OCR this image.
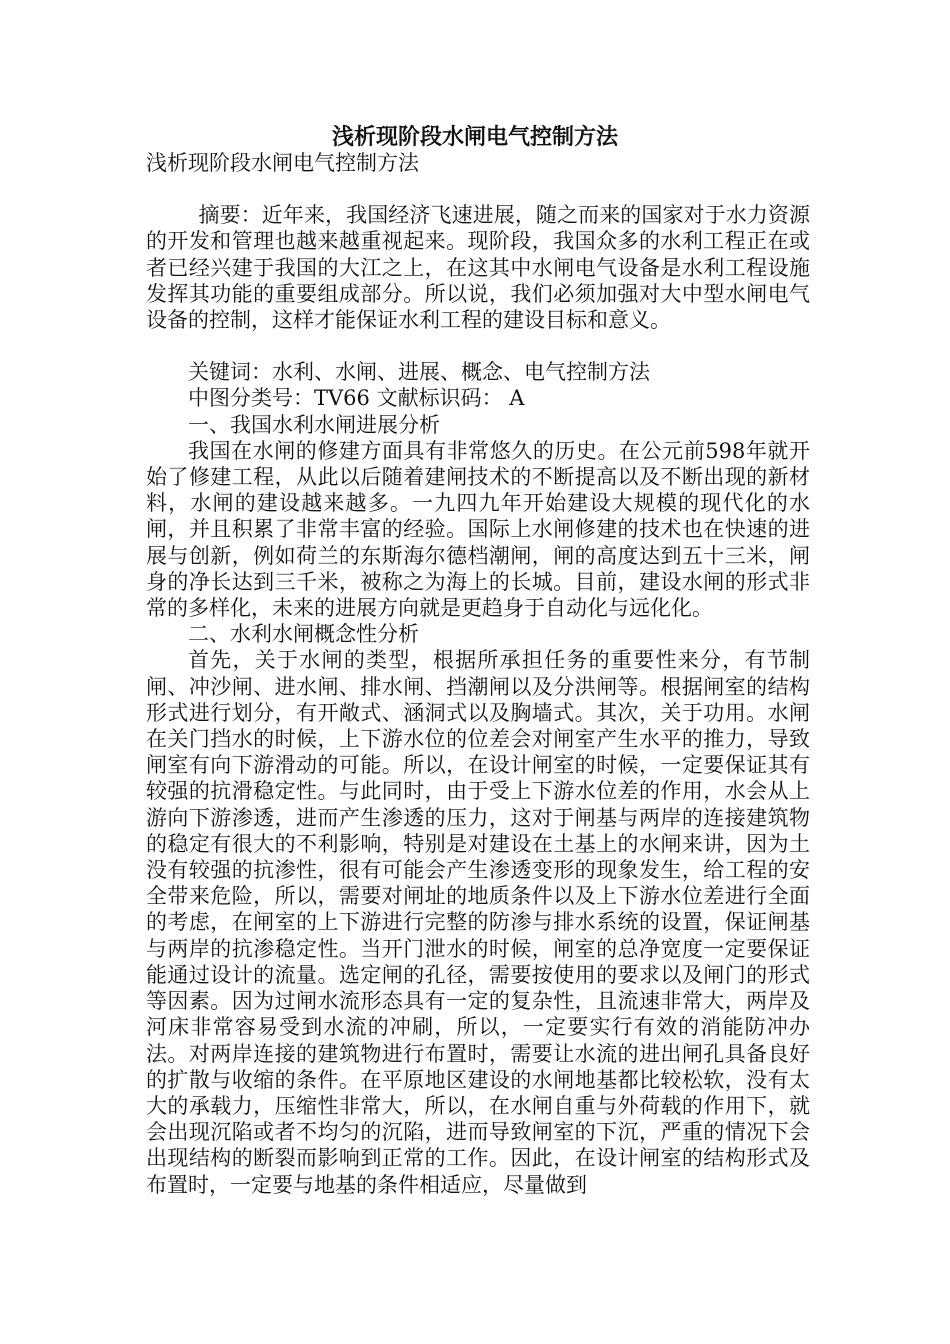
浅析现阶段水闸电气控制方法

浅析现阶段水闸电气控制方法

摘要：近年来，我国经济飞速进展，随之而来的国家对于水力资源的开发和管理也越来越重视起来。现阶段，我国众多的水利工程正在或者已经兴建于我国的大江之上，在这其中水闸电气设备是水利工程设施发挥其功能的重要组成部分。所以说，我们必须加强对大中型水闸电气设备的控制，这样才能保证水利工程的建设目标和意义。

关键词：水利、水闸、进展、概念、电气控制方法

中图分类号：TV66 文献标识码： A

一、我国水利水闸进展分析

我国在水闸的修建方面具有非常悠久的历史。在公元前598年就开始了修建工程，从此以后随着建闸技术的不断提高以及不断出现的新材料，水闸的建设越来越多。一九四九年开始建设大规模的现代化的水闸，并且积累了非常丰富的经验。国际上水闸修建的技术也在快速的进展与创新，例如荷兰的东斯海尔德档潮闸，闸的高度达到五十三米，闸身的净长达到三千米，被称之为海上的长城。目前，建设水闸的形式非常的多样化，未来的进展方向就是更趋身于自动化与远化化。

二、水利水闸概念性分析

首先，关于水闸的类型，根据所承担任务的重要性来分，有节制闸、冲沙闸、进水闸、排水闸、挡潮闸以及分洪闸等。根据闸室的结构形式进行划分，有开敞式、涵洞式以及胸墙式。其次，关于功用。水闸在关门挡水的时候，上下游水位的位差会对闸室产生水平的推力，导致闸室有向下游滑动的可能。所以，在设计闸室的时候，一定要保证其有较强的抗滑稳定性。与此同时，由于受上下游水位差的作用，水会从上游向下游渗透，进而产生渗透的压力，这对于闸基与两岸的连接建筑物的稳定有很大的不利影响，特别是对建设在土基上的水闸来讲，因为土没有较强的抗渗性，很有可能会产生渗透变形的现象发生，给工程的安全带来危险，所以，需要对闸址的地质条件以及上下游水位差进行全面的考虑，在闸室的上下游进行完整的防渗与排水系统的设置，保证闸基与两岸的抗渗稳定性。当开门泄水的时候，闸室的总净宽度一定要保证能通过设计的流量。选定闸的孔径，需要按使用的要求以及闸门的形式等因素。因为过闸水流形态具有一定的复杂性，且流速非常大，两岸及河床非常容易受到水流的冲刷，所以，一定要实行有效的消能防冲办法。对两岸连接的建筑物进行布置时，需要让水流的进出闸孔具备良好的扩散与收缩的条件。在平原地区建设的水闸地基都比较松软，没有太大的承载力，压缩性非常大，所以，在水闸自重与外荷载的作用下，就会出现沉陷或者不均匀的沉陷，进而导致闸室的下沉，严重的情况下会出现结构的断裂而影响到正常的工作。因此，在设计闸室的结构形式及布置时，一定要与地基的条件相适应，尽量做到
